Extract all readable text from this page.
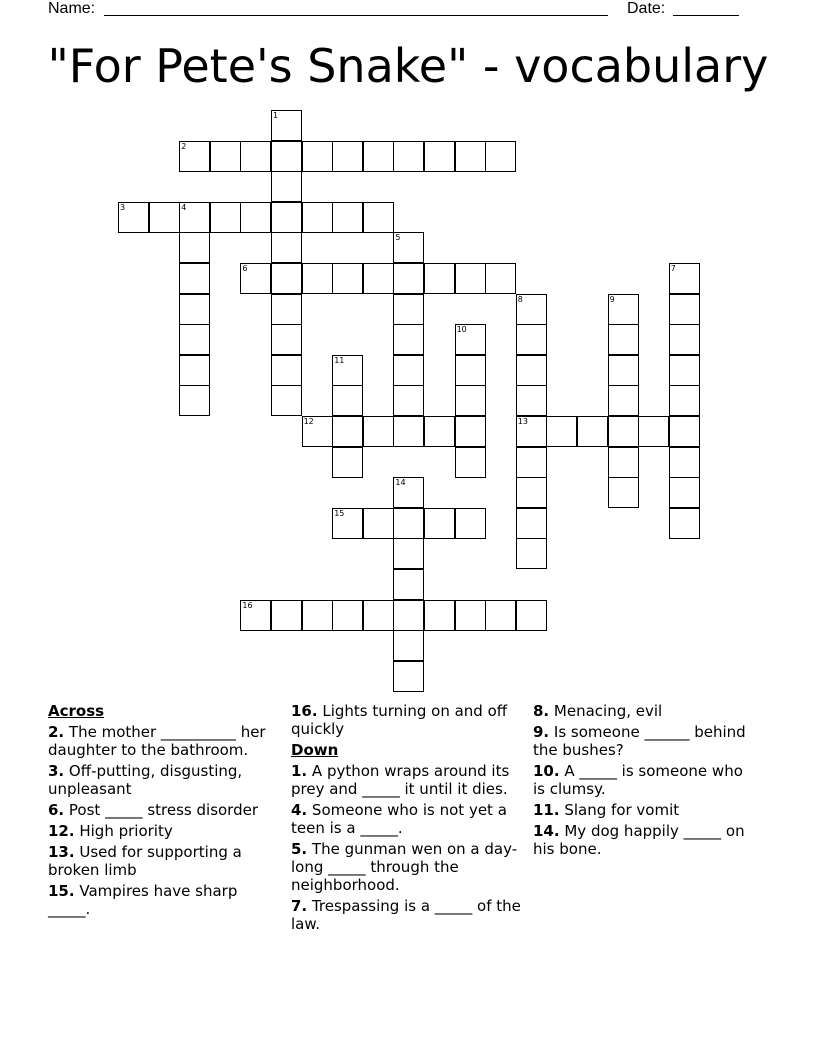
Name:	Date:
"For Pete's Snake" - vocabulary
1
2
3	4
5
6	7
8
13
9
10
11
12
14
15
16

Across

2. The mother __________ her daughter to the bathroom.

3. Off-putting, disgusting, unpleasant

6. Post _____ stress disorder

12. High priority

13. Used for supporting a broken limb

15. Vampires have sharp _____.

16. Lights turning on and off quickly

Down

1. A python wraps around its prey and _____ it until it dies.

4. Someone who is not yet a teen is a _____.

5. The gunman wen on a day-long _____ through the neighborhood.

7. Trespassing is a _____ of the law.

8. Menacing, evil

9. Is someone ______ behind the bushes?

10. A _____ is someone who is clumsy.

11. Slang for vomit

14. My dog happily _____ on his bone.
